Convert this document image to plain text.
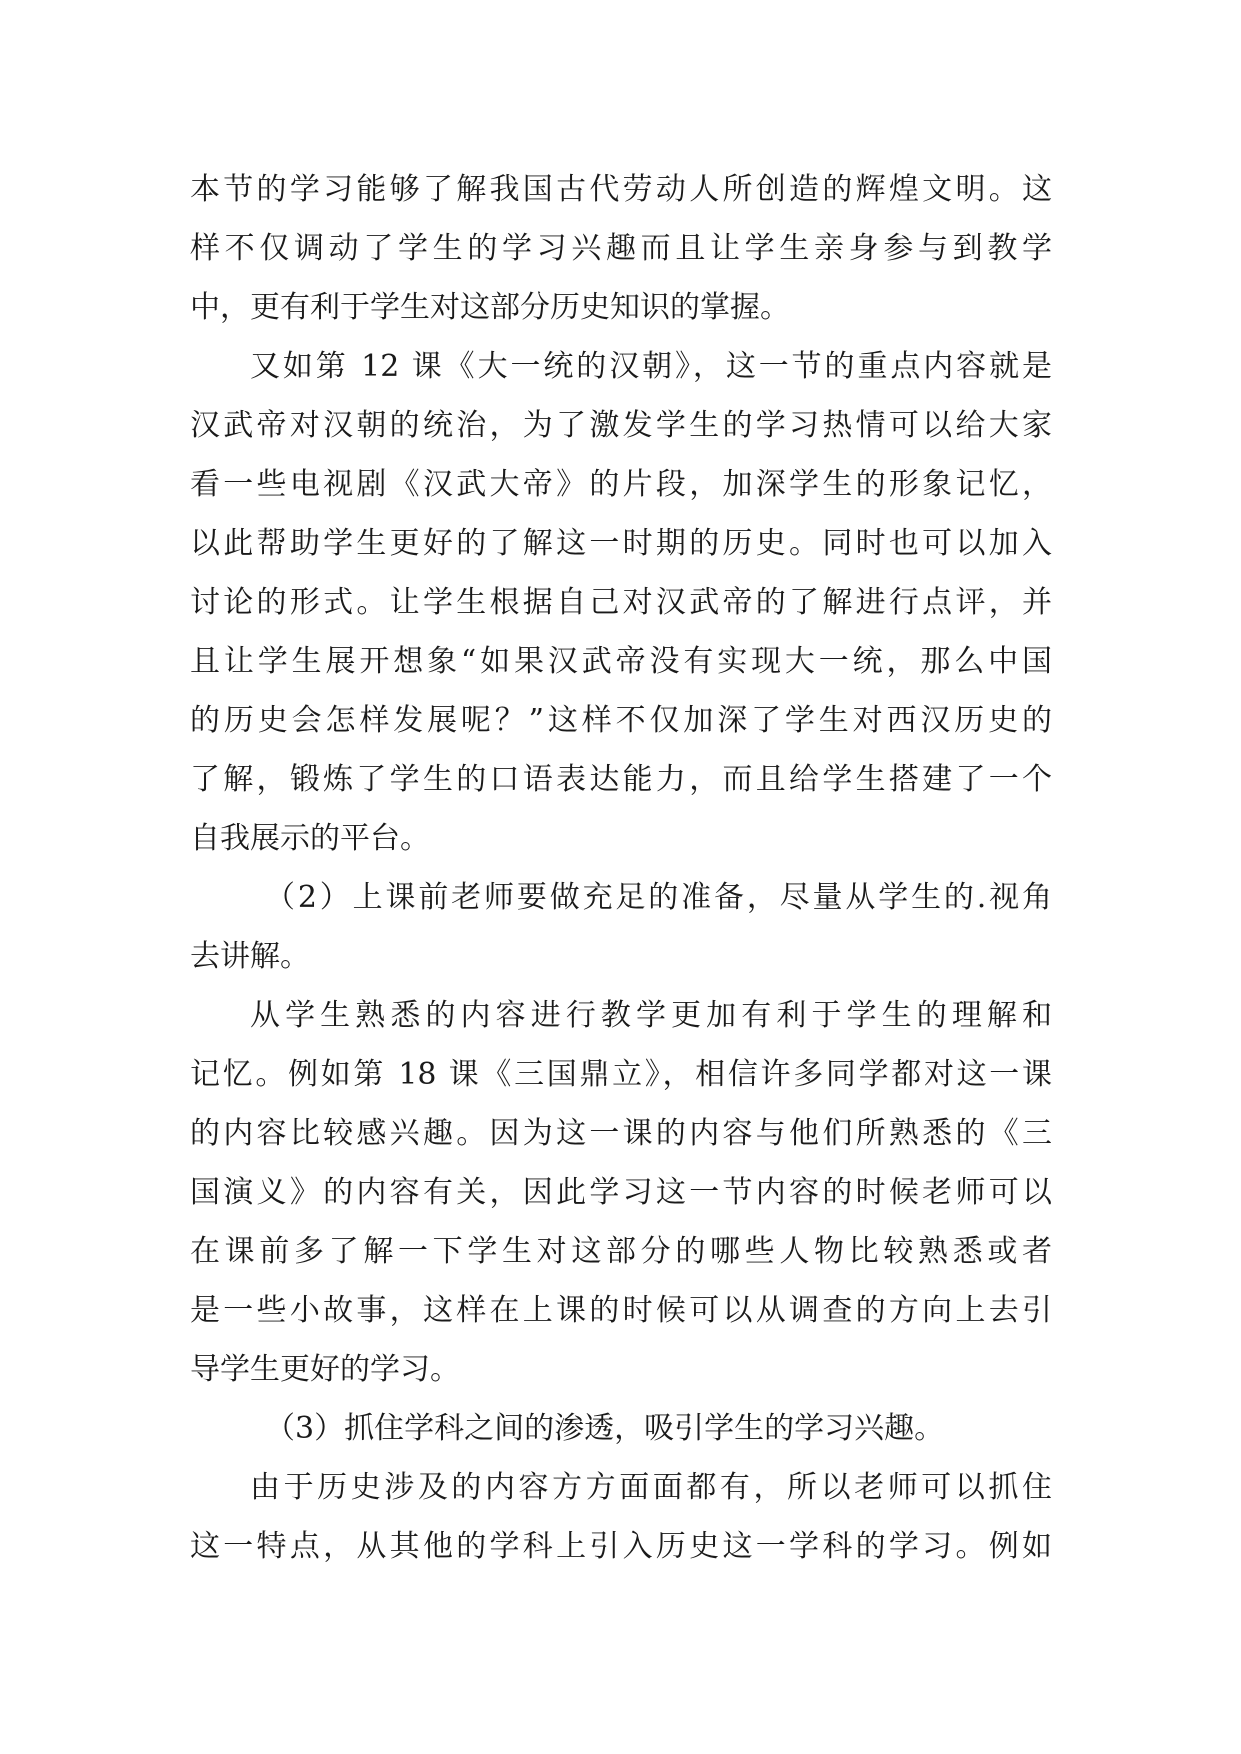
本节的学习能够了解我国古代劳动人所创造的辉煌文明。这
样不仅调动了学生的学习兴趣而且让学生亲身参与到教学
中，更有利于学生对这部分历史知识的掌握。
又如第 12 课《大一统的汉朝》，这一节的重点内容就是
汉武帝对汉朝的统治，为了激发学生的学习热情可以给大家
看一些电视剧《汉武大帝》的片段，加深学生的形象记忆，
以此帮助学生更好的了解这一时期的历史。同时也可以加入
讨论的形式。让学生根据自己对汉武帝的了解进行点评，并
且让学生展开想象“如果汉武帝没有实现大一统，那么中国
的历史会怎样发展呢？”这样不仅加深了学生对西汉历史的
了解，锻炼了学生的口语表达能力，而且给学生搭建了一个
自我展示的平台。
（2）上课前老师要做充足的准备，尽量从学生的.视角
去讲解。
从学生熟悉的内容进行教学更加有利于学生的理解和
记忆。例如第 18 课《三国鼎立》，相信许多同学都对这一课
的内容比较感兴趣。因为这一课的内容与他们所熟悉的《三
国演义》的内容有关，因此学习这一节内容的时候老师可以
在课前多了解一下学生对这部分的哪些人物比较熟悉或者
是一些小故事，这样在上课的时候可以从调查的方向上去引
导学生更好的学习。
（3）抓住学科之间的渗透，吸引学生的学习兴趣。
由于历史涉及的内容方方面面都有，所以老师可以抓住
这一特点，从其他的学科上引入历史这一学科的学习。例如
